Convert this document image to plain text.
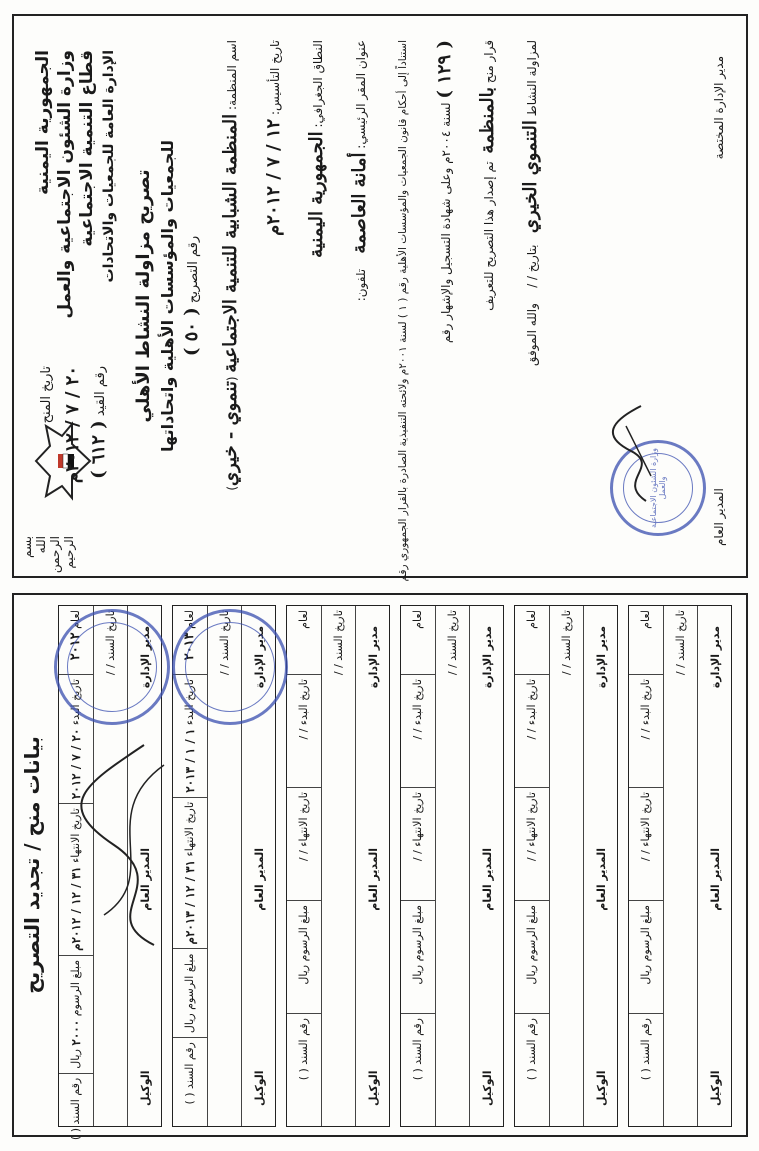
بسم الله الرحمن الرحيم
الجمهورية اليمنية وزارة الشئون الاجتماعية والعمل قطاع التنمية الاجتماعية الإدارة العامة للجمعيات والاتحادات
تاريخ المنح
٢٠ / ٧ / ٢٠١٢م رقم القيد ( ٦١٢ )
تصريح مزاولة النشاط الأهلي للجمعيات والمؤسسات الأهلية واتحاداتها رقم التصريح ( ٥٠ )
اسم المنظمة: المنظمة الشبابية للتنمية الاجتماعية (تنموي - خيري)
تاريخ التأسيس: ١٢ / ٧ / ٢٠١٢م
النطاق الجغرافي: الجمهورية اليمنية
عنوان المقر الرئيسي: أمانة العاصمة    تلفون:
استناداً إلى أحكام قانون الجمعيات والمؤسسات الأهلية رقم ( ١ ) لسنة ٢٠٠١م ولائحته التنفيذية الصادرة بالقرار الجمهوري رقم	( ١٢٩ ) لسنة ٢٠٠٤م وعلى شهادة التسجيل والإشهار رقم
قرار منح بالمنظمة  تم إصدار هذا التصريح للتعريف
لمزاولة النشاط التنموي الخيري   بتاريخ / /    والله الموفق
مدير الإدارة المختصة
المدير العام
وزارة الشئون الاجتماعية والعمل
بيانات منح / تجديد التصريح
لعام

٢٠١٢
تاريخ البدء

٢٠ / ٧ / ٢٠١٢
تاريخ الانتهاء

٣١ / ١٢ / ٢٠١٢م
مبلغ الرسوم

٢٠٠٠

ريال
رقم السند

( )
تاريخ السند

/ / مدير الإدارة
المدير العام
الوكيل
لعام

٢٠١٣
تاريخ البدء

١ / ١ / ٢٠١٣
تاريخ الانتهاء

٣١ / ١٢ / ٢٠١٣م
مبلغ الرسوم

ريال
رقم السند

( )
تاريخ السند

/ / مدير الإدارة
المدير العام
الوكيل
لعام
تاريخ البدء

/ /
تاريخ الانتهاء

/ /
مبلغ الرسوم

ريال
رقم السند

( )
تاريخ السند

/ / مدير الإدارة
المدير العام
الوكيل
لعام
تاريخ البدء

/ /
تاريخ الانتهاء

/ /
مبلغ الرسوم

ريال
رقم السند

( )
تاريخ السند

/ / مدير الإدارة
المدير العام
الوكيل
لعام
تاريخ البدء

/ /
تاريخ الانتهاء

/ /
مبلغ الرسوم

ريال
رقم السند

( )
تاريخ السند

/ / مدير الإدارة
المدير العام
الوكيل
لعام
تاريخ البدء

/ /
تاريخ الانتهاء

/ /
مبلغ الرسوم

ريال
رقم السند

( )
تاريخ السند

/ / مدير الإدارة
المدير العام
الوكيل
